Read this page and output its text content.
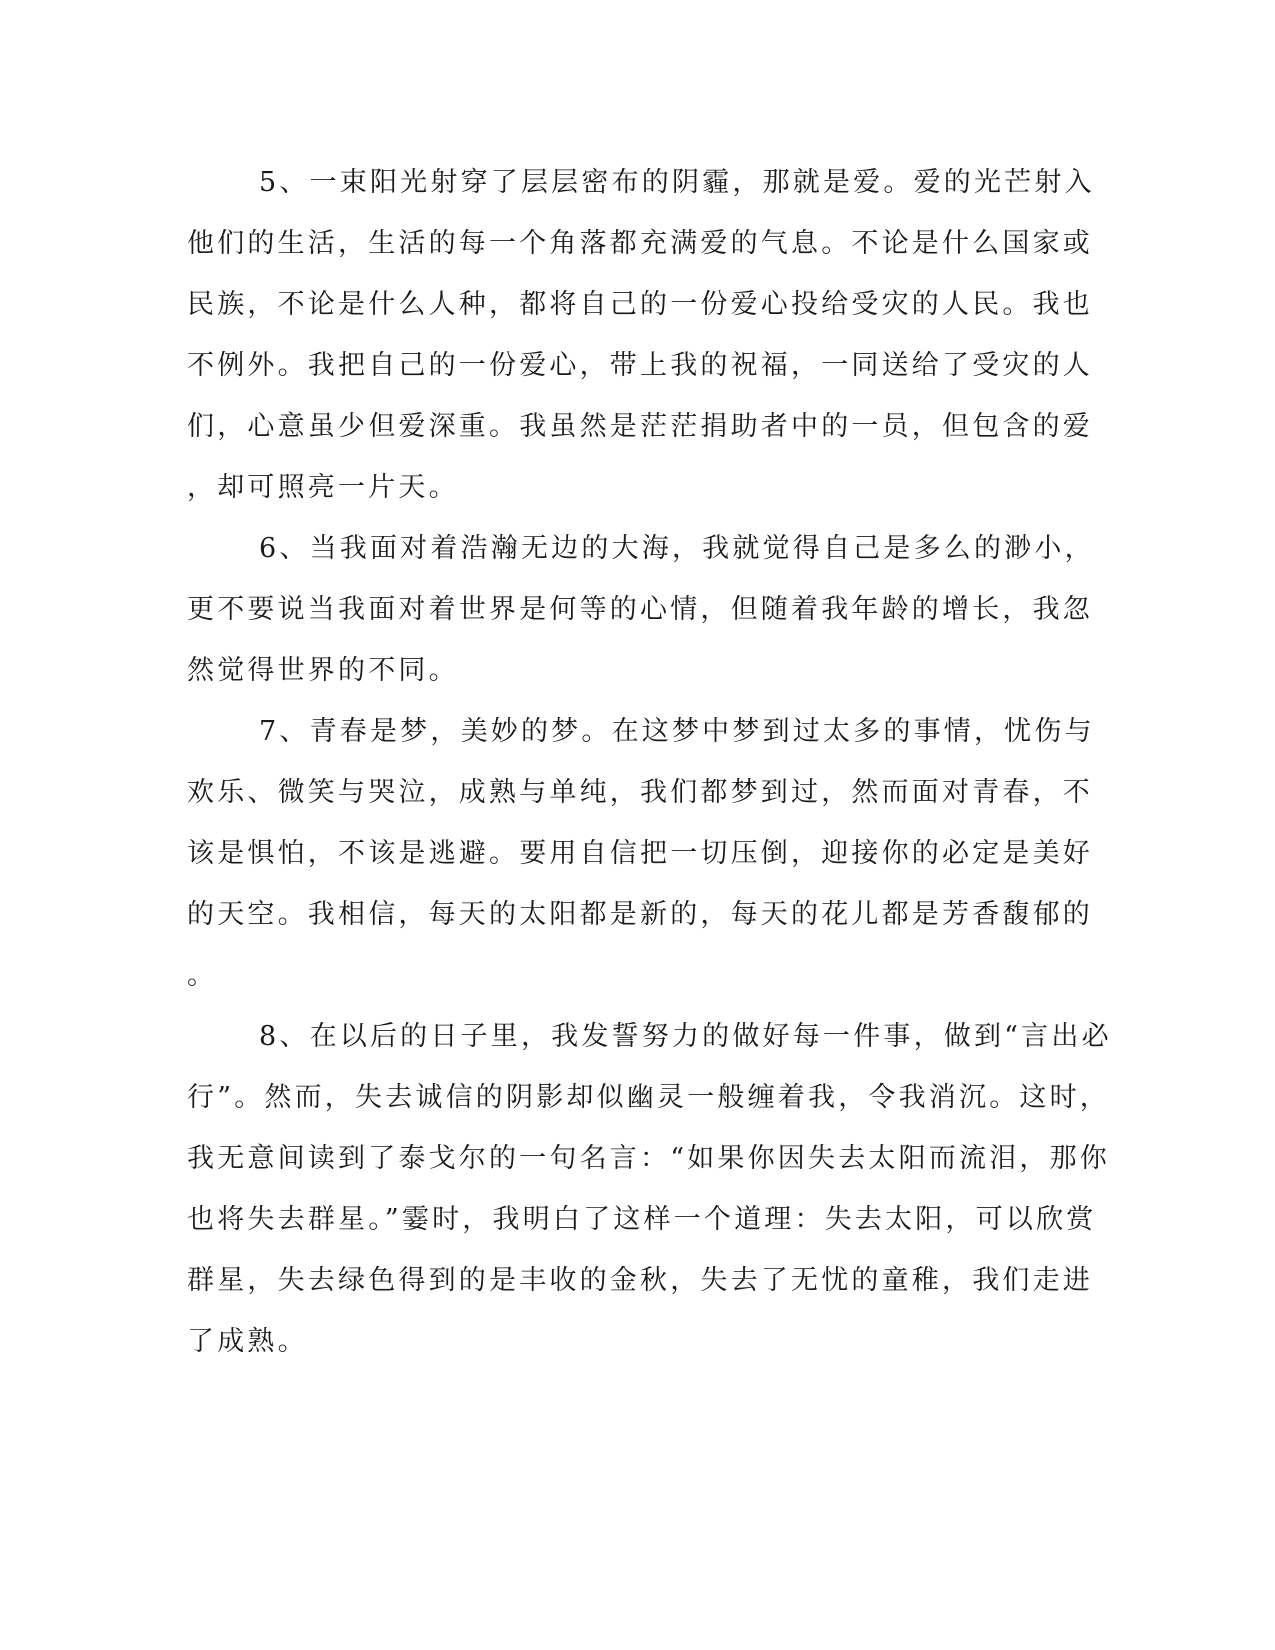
5、一束阳光射穿了层层密布的阴霾，那就是爱。爱的光芒射入
他们的生活，生活的每一个角落都充满爱的气息。不论是什么国家或
民族，不论是什么人种，都将自己的一份爱心投给受灾的人民。我也
不例外。我把自己的一份爱心，带上我的祝福，一同送给了受灾的人
们，心意虽少但爱深重。我虽然是茫茫捐助者中的一员，但包含的爱
，却可照亮一片天。

6、当我面对着浩瀚无边的大海，我就觉得自己是多么的渺小，
更不要说当我面对着世界是何等的心情，但随着我年龄的增长，我忽
然觉得世界的不同。

7、青春是梦，美妙的梦。在这梦中梦到过太多的事情，忧伤与
欢乐、微笑与哭泣，成熟与单纯，我们都梦到过，然而面对青春，不
该是惧怕，不该是逃避。要用自信把一切压倒，迎接你的必定是美好
的天空。我相信，每天的太阳都是新的，每天的花儿都是芳香馥郁的
。

8、在以后的日子里，我发誓努力的做好每一件事，做到“言出必
行”。然而，失去诚信的阴影却似幽灵一般缠着我，令我消沉。这时，
我无意间读到了泰戈尔的一句名言：“如果你因失去太阳而流泪，那你
也将失去群星。”霎时，我明白了这样一个道理：失去太阳，可以欣赏
群星，失去绿色得到的是丰收的金秋，失去了无忧的童稚，我们走进
了成熟。
